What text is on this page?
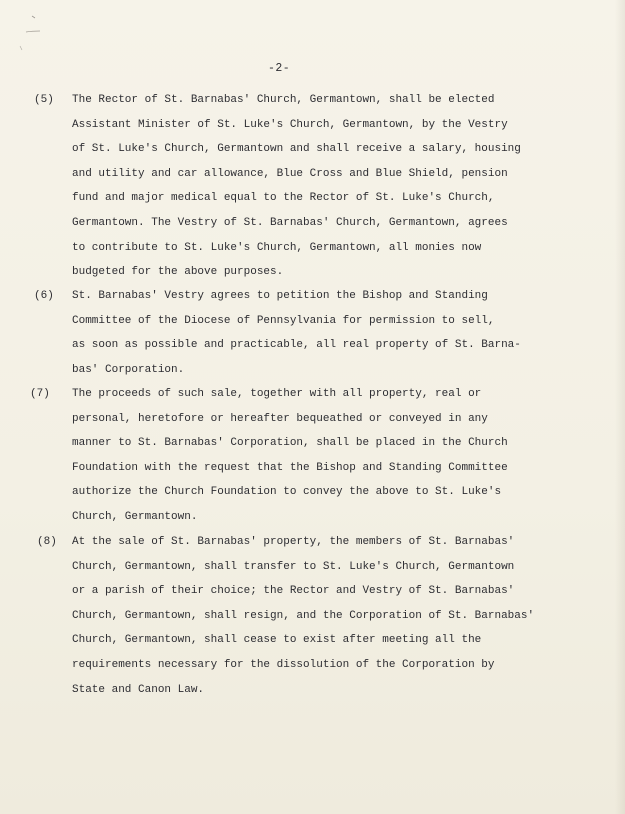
-2-
(5) The Rector of St. Barnabas' Church, Germantown, shall be elected
Assistant Minister of St. Luke's Church, Germantown, by the Vestry
of St. Luke's Church, Germantown and shall receive a salary, housing
and utility and car allowance, Blue Cross and Blue Shield, pension
fund and major medical equal to the Rector of St. Luke's Church,
Germantown. The Vestry of St. Barnabas' Church, Germantown, agrees
to contribute to St. Luke's Church, Germantown, all monies now
budgeted for the above purposes.
(6) St. Barnabas' Vestry agrees to petition the Bishop and Standing
Committee of the Diocese of Pennsylvania for permission to sell,
as soon as possible and practicable, all real property of St. Barna-
bas' Corporation.
(7) The proceeds of such sale, together with all property, real or
personal, heretofore or hereafter bequeathed or conveyed in any
manner to St. Barnabas' Corporation, shall be placed in the Church
Foundation with the request that the Bishop and Standing Committee
authorize the Church Foundation to convey the above to St. Luke's
Church, Germantown.
(8) At the sale of St. Barnabas' property, the members of St. Barnabas'
Church, Germantown, shall transfer to St. Luke's Church, Germantown
or a parish of their choice; the Rector and Vestry of St. Barnabas'
Church, Germantown, shall resign, and the Corporation of St. Barnabas'
Church, Germantown, shall cease to exist after meeting all the
requirements necessary for the dissolution of the Corporation by
State and Canon Law.
